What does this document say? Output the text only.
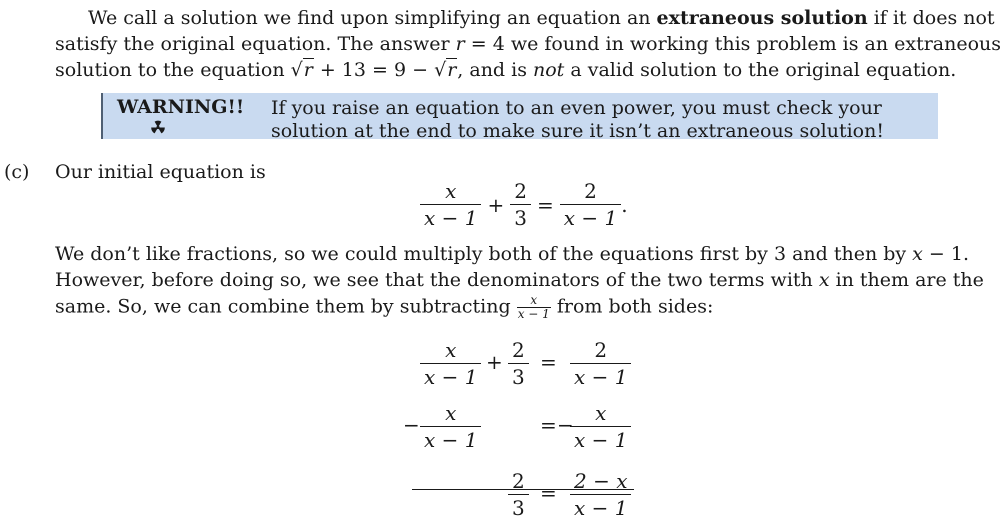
We call a solution we find upon simplifying an equation an extraneous solution if it does not
satisfy the original equation. The answer r = 4 we found in working this problem is an extraneous
solution to the equation √r + 13 = 9 − √r, and is not a valid solution to the original equation.
WARNING!! If you raise an equation to an even power, you must check your
solution at the end to make sure it isn’t an extraneous solution!
(c) Our initial equation is
$\frac{x}{x - 1} + \frac{2}{3} = \frac{2}{x - 1}$ .
We don’t like fractions, so we could multiply both of the equations first by 3 and then by x − 1.
However, before doing so, we see that the denominators of the two terms with x in them are the
same. So, we can combine them by subtracting $\frac{x}{x - 1}$ from both sides:
$\frac{x}{x - 1} + \frac{2}{3} = \frac{2}{x - 1}$
− $\frac{x}{x - 1}$	= −
$\frac{x}{x - 1}$
$\frac{2}{3} = \frac{2 - x}{x - 1}$
